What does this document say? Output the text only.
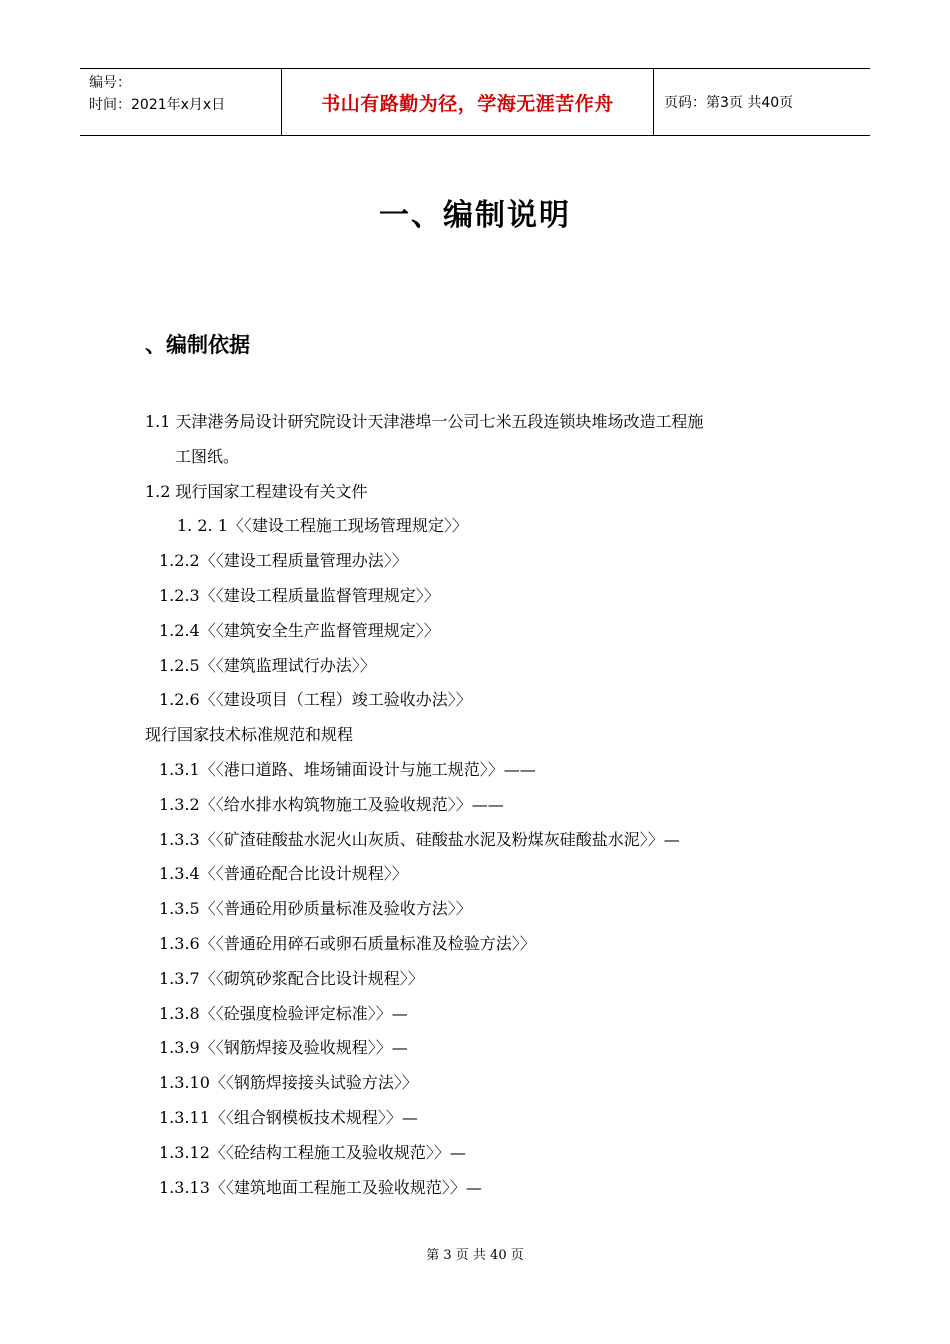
编号：
时间：2021年x月x日	书山有路勤为径，学海无涯苦作舟	页码：第3页 共40页
一、编制说明
、编制依据
1.1 天津港务局设计研究院设计天津港埠一公司七米五段连锁块堆场改造工程施
工图纸。
1.2 现行国家工程建设有关文件
1. 2. 1〈〈建设工程施工现场管理规定〉〉
1.2.2〈〈建设工程质量管理办法〉〉
1.2.3〈〈建设工程质量监督管理规定〉〉
1.2.4〈〈建筑安全生产监督管理规定〉〉
1.2.5〈〈建筑监理试行办法〉〉
1.2.6〈〈建设项目（工程）竣工验收办法〉〉
现行国家技术标准规范和规程
1.3.1〈〈港口道路、堆场铺面设计与施工规范〉〉——
1.3.2〈〈给水排水构筑物施工及验收规范〉〉——
1.3.3〈〈矿渣硅酸盐水泥火山灰质、硅酸盐水泥及粉煤灰硅酸盐水泥〉〉—
1.3.4〈〈普通砼配合比设计规程〉〉
1.3.5〈〈普通砼用砂质量标准及验收方法〉〉
1.3.6〈〈普通砼用碎石或卵石质量标准及检验方法〉〉
1.3.7〈〈砌筑砂浆配合比设计规程〉〉
1.3.8〈〈砼强度检验评定标准〉〉—
1.3.9〈〈钢筋焊接及验收规程〉〉—
1.3.10〈〈钢筋焊接接头试验方法〉〉
1.3.11〈〈组合钢模板技术规程〉〉—
1.3.12〈〈砼结构工程施工及验收规范〉〉—
1.3.13〈〈建筑地面工程施工及验收规范〉〉—
第 3 页 共 40 页
